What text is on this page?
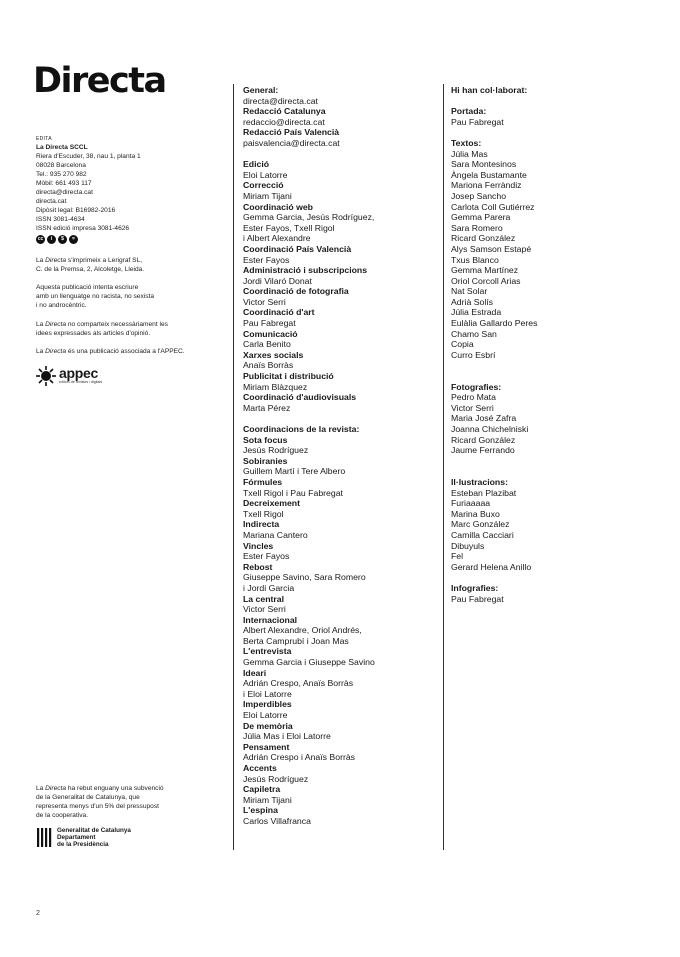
Directa
EDITA
La Directa SCCL
Riera d'Escuder, 38, nau 1, planta 1
08028 Barcelona
Tel.: 935 270 982
Mòbil: 661 493 117
directa@directa.cat
directa.cat
Dipòsit legal: B16982-2016
ISSN 3081-4634
ISSN edició impresa 3081-4626
cc	i	$	=
La Directa s'imprimeix a Lerigraf SL,
C. de la Premsa, 2, Alcoletge, Lleida.
Aquesta publicació intenta escriure
amb un llenguatge no racista, no sexista
i no androcèntric.
La Directa no comparteix necessàriament les
idees expressades als articles d'opinió.
La Directa és una publicació associada a l'APPEC.
appec
editors de revistes i digitals
La Directa ha rebut enguany una subvenció
de la Generalitat de Catalunya, que
representa menys d'un 5% del pressupost
de la cooperativa.
Generalitat de Catalunya
Departament
de la Presidència
General:
directa@directa.cat
Redacció Catalunya
redaccio@directa.cat
Redacció País Valencià
paisvalencia@directa.cat
Edició
Eloi Latorre
Correcció
Miriam Tijani
Coordinació web
Gemma Garcia, Jesús Rodríguez,
Ester Fayos, Txell Rigol
i Albert Alexandre
Coordinació País Valencià
Ester Fayos
Administració i subscripcions
Jordi Vilaró Donat
Coordinació de fotografia
Victor Serri
Coordinació d'art
Pau Fabregat
Comunicació
Carla Benito
Xarxes socials
Anaïs Borràs
Publicitat i distribució
Miriam Blàzquez
Coordinació d'audiovisuals
Marta Pérez
Coordinacions de la revista:
Sota focus
Jesús Rodríguez
Sobiranies
Guillem Martí i Tere Albero
Fórmules
Txell Rigol i Pau Fabregat
Decreixement
Txell Rigol
Indirecta
Mariana Cantero
Vincles
Ester Fayos
Rebost
Giuseppe Savino, Sara Romero
i Jordi Garcia
La central
Victor Serri
Internacional
Albert Alexandre, Oriol Andrés,
Berta Camprubí i Joan Mas
L'entrevista
Gemma Garcia i Giuseppe Savino
Ideari
Adrián Crespo, Anaïs Borràs
i Eloi Latorre
Imperdibles
Eloi Latorre
De memòria
Júlia Mas i Eloi Latorre
Pensament
Adrián Crespo i Anaïs Borràs
Accents
Jesús Rodríguez
Capiletra
Miriam Tijani
L'espina
Carlos Villafranca
Hi han col·laborat:
Portada:
Pau Fabregat
Textos:
Júlia Mas
Sara Montesinos
Àngela Bustamante
Mariona Ferràndiz
Josep Sancho
Carlota Coll Gutiérrez
Gemma Parera
Sara Romero
Ricard González
Alys Samson Estapé
Txus Blanco
Gemma Martínez
Oriol Corcoll Arias
Nat Solar
Adrià Solís
Júlia Estrada
Eulàlia Gallardo Peres
Chamo San
Copia
Curro Esbrí
Fotografies:
Pedro Mata
Victor Serri
Maria José Zafra
Joanna Chichelniski
Ricard González
Jaume Ferrando
Il·lustracions:
Esteban Plazibat
Furiaaaaa
Marina Buxo
Marc González
Camilla Cacciari
Dibuyuls
Fel
Gerard Helena Anillo
Infografies:
Pau Fabregat
2
